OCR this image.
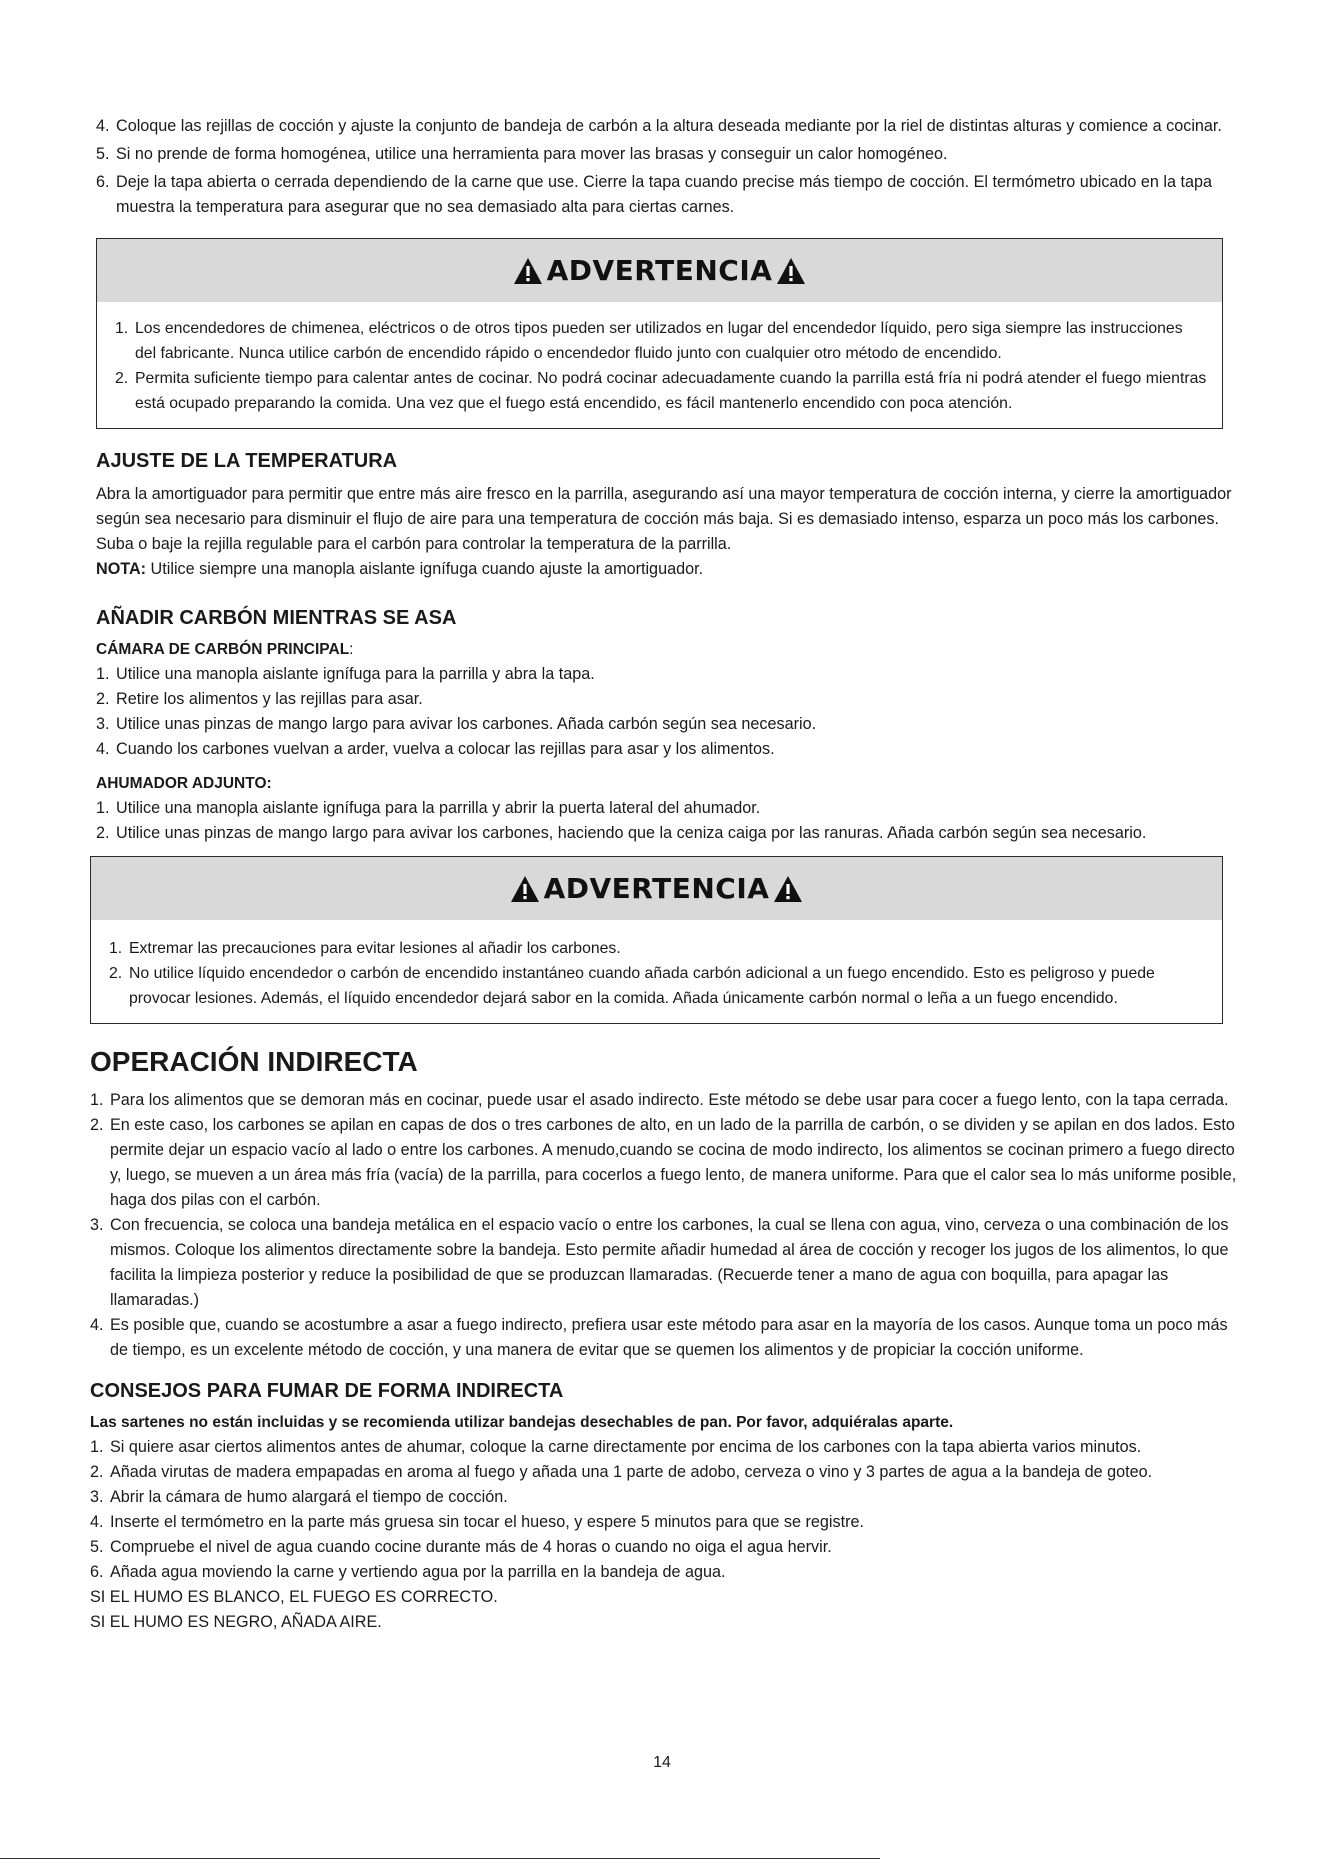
4. Coloque las rejillas de cocción y ajuste la conjunto de bandeja de carbón a la altura deseada mediante por la riel de distintas alturas y comience a cocinar.
5. Si no prende de forma homogénea, utilice una herramienta para mover las brasas y conseguir un calor homogéneo.
6. Deje la tapa abierta o cerrada dependiendo de la carne que use. Cierre la tapa cuando precise más tiempo de cocción. El termómetro ubicado en la tapa muestra la temperatura para asegurar que no sea demasiado alta para ciertas carnes.
ADVERTENCIA
1. Los encendedores de chimenea, eléctricos o de otros tipos pueden ser utilizados en lugar del encendedor líquido, pero siga siempre las instrucciones del fabricante. Nunca utilice carbón de encendido rápido o encendedor fluido junto con cualquier otro método de encendido.
2. Permita suficiente tiempo para calentar antes de cocinar. No podrá cocinar adecuadamente cuando la parrilla está fría ni podrá atender el fuego mientras está ocupado preparando la comida. Una vez que el fuego está encendido, es fácil mantenerlo encendido con poca atención.
AJUSTE DE LA TEMPERATURA

Abra la amortiguador para permitir que entre más aire fresco en la parrilla, asegurando así una mayor temperatura de cocción interna, y cierre la amortiguador según sea necesario para disminuir el flujo de aire para una temperatura de cocción más baja. Si es demasiado intenso, esparza un poco más los carbones. Suba o baje la rejilla regulable para el carbón para controlar la temperatura de la parrilla.

NOTA: Utilice siempre una manopla aislante ignífuga cuando ajuste la amortiguador.

AÑADIR CARBÓN MIENTRAS SE ASA

CÁMARA DE CARBÓN PRINCIPAL:

1. Utilice una manopla aislante ignífuga para la parrilla y abra la tapa.
2. Retire los alimentos y las rejillas para asar.
3. Utilice unas pinzas de mango largo para avivar los carbones. Añada carbón según sea necesario.
4. Cuando los carbones vuelvan a arder, vuelva a colocar las rejillas para asar y los alimentos.

AHUMADOR ADJUNTO:

1. Utilice una manopla aislante ignífuga para la parrilla y abrir la puerta lateral del ahumador.
2. Utilice unas pinzas de mango largo para avivar los carbones, haciendo que la ceniza caiga por las ranuras. Añada carbón según sea necesario.
ADVERTENCIA
1. Extremar las precauciones para evitar lesiones al añadir los carbones.
2. No utilice líquido encendedor o carbón de encendido instantáneo cuando añada carbón adicional a un fuego encendido. Esto es peligroso y puede provocar lesiones. Además, el líquido encendedor dejará sabor en la comida. Añada únicamente carbón normal o leña a un fuego encendido.
OPERACIÓN INDIRECTA
1. Para los alimentos que se demoran más en cocinar, puede usar el asado indirecto. Este método se debe usar para cocer a fuego lento, con la tapa cerrada.
2. En este caso, los carbones se apilan en capas de dos o tres carbones de alto, en un lado de la parrilla de carbón, o se dividen y se apilan en dos lados. Esto permite dejar un espacio vacío al lado o entre los carbones. A menudo,cuando se cocina de modo indirecto, los alimentos se cocinan primero a fuego directo y, luego, se mueven a un área más fría (vacía) de la parrilla, para cocerlos a fuego lento, de manera uniforme. Para que el calor sea lo más uniforme posible, haga dos pilas con el carbón.
3. Con frecuencia, se coloca una bandeja metálica en el espacio vacío o entre los carbones, la cual se llena con agua, vino, cerveza o una combinación de los mismos. Coloque los alimentos directamente sobre la bandeja. Esto permite añadir humedad al área de cocción y recoger los jugos de los alimentos, lo que facilita la limpieza posterior y reduce la posibilidad de que se produzcan llamaradas. (Recuerde tener a mano de agua con boquilla, para apagar las llamaradas.)
4. Es posible que, cuando se acostumbre a asar a fuego indirecto, prefiera usar este método para asar en la mayoría de los casos. Aunque toma un poco más de tiempo, es un excelente método de cocción, y una manera de evitar que se quemen los alimentos y de propiciar la cocción uniforme.
CONSEJOS PARA FUMAR DE FORMA INDIRECTA

Las sartenes no están incluidas y se recomienda utilizar bandejas desechables de pan. Por favor, adquiéralas aparte.

1. Si quiere asar ciertos alimentos antes de ahumar, coloque la carne directamente por encima de los carbones con la tapa abierta varios minutos.
2. Añada virutas de madera empapadas en aroma al fuego y añada una 1 parte de adobo, cerveza o vino y 3 partes de agua a la bandeja de goteo.
3. Abrir la cámara de humo alargará el tiempo de cocción.
4. Inserte el termómetro en la parte más gruesa sin tocar el hueso, y espere 5 minutos para que se registre.
5. Compruebe el nivel de agua cuando cocine durante más de 4 horas o cuando no oiga el agua hervir.
6. Añada agua moviendo la carne y vertiendo agua por la parrilla en la bandeja de agua.

SI EL HUMO ES BLANCO, EL FUEGO ES CORRECTO.

SI EL HUMO ES NEGRO, AÑADA AIRE.

14
